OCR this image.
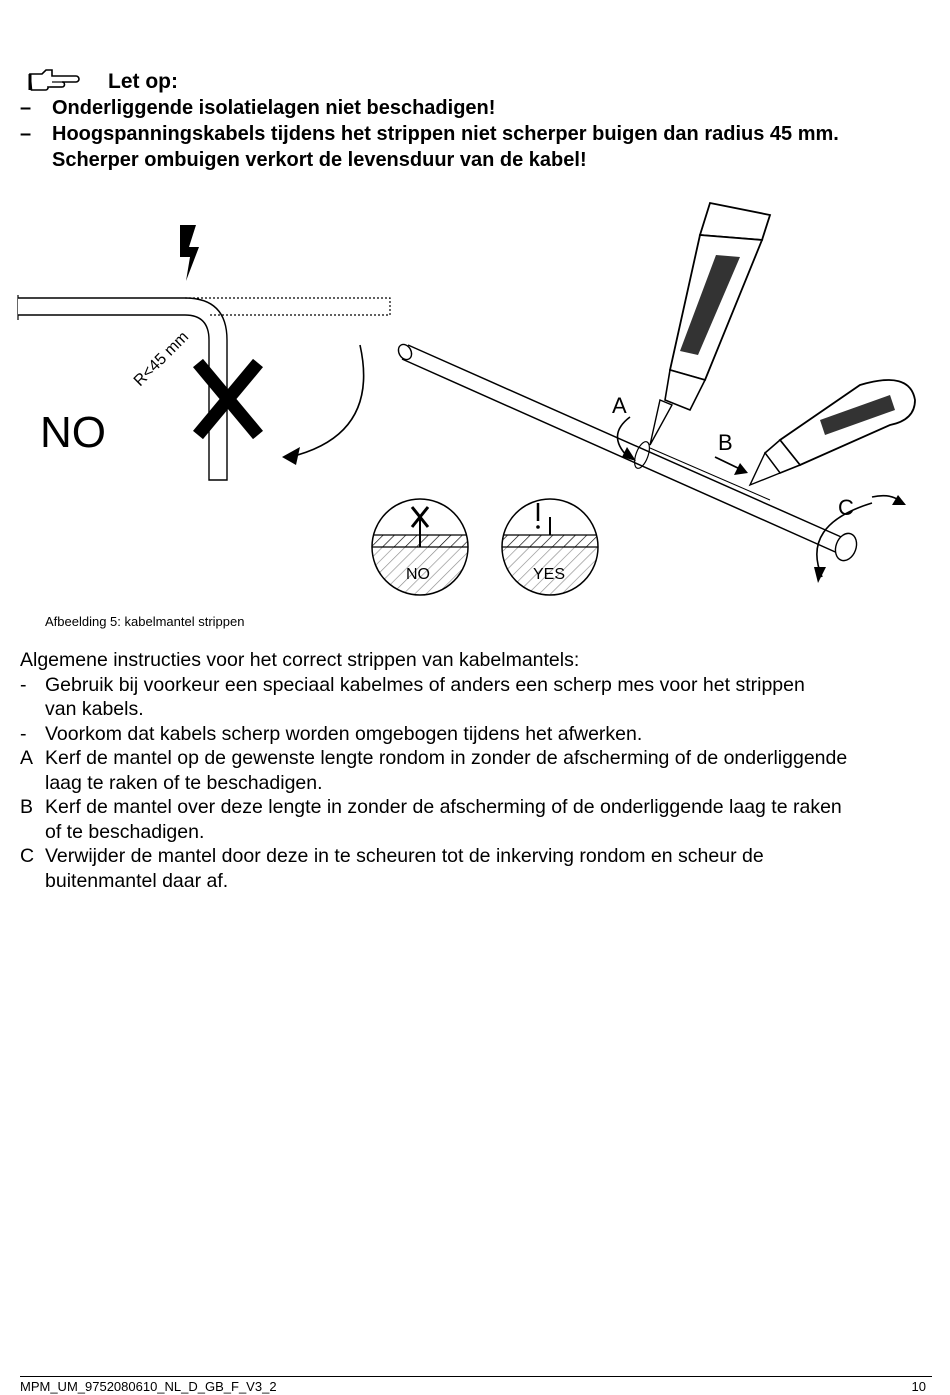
Let op:
– Onderliggende isolatielagen niet beschadigen!
– Hoogspanningskabels tijdens het strippen niet scherper buigen dan radius 45 mm.
Scherper ombuigen verkort de levensduur van de kabel!
R<45 mm
NO
A
B
C
NO	YES
Afbeelding 5: kabelmantel strippen
Algemene instructies voor het correct strippen van kabelmantels:
- Gebruik bij voorkeur een speciaal kabelmes of anders een scherp mes voor het strippen
van kabels.
- Voorkom dat kabels scherp worden omgebogen tijdens het afwerken.
A Kerf de mantel op de gewenste lengte rondom in zonder de afscherming of de onderliggende
laag te raken of te beschadigen.
B Kerf de mantel over deze lengte in zonder de afscherming of de onderliggende laag te raken
of te beschadigen.
C Verwijder de mantel door deze in te scheuren tot de inkerving rondom en scheur de
buitenmantel daar af.
MPM_UM_9752080610_NL_D_GB_F_V3_2	10
